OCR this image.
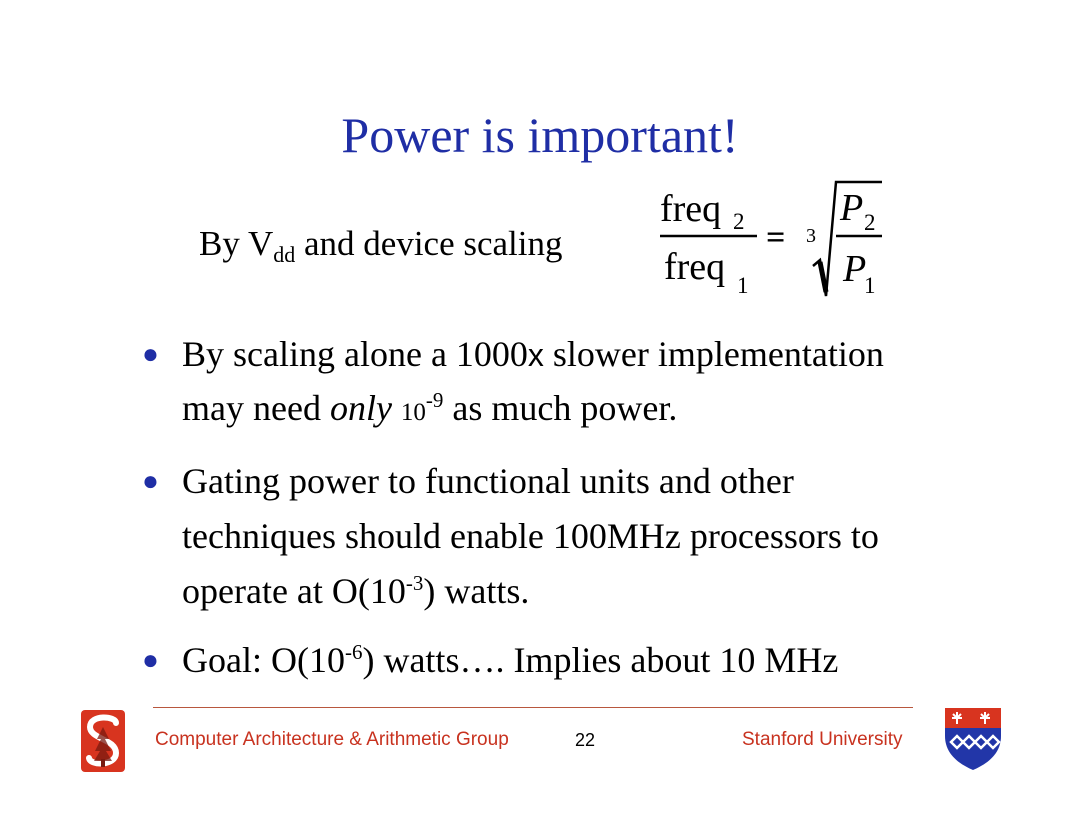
Power is important!
By $V_{dd}$ and device scaling
freq 2
freq 1
= 3
P 2
P
1
● By scaling alone a 1000x slower implementation
may need only $10^{-9}$ as much power.
● Gating power to functional units and other
techniques should enable 100MHz processors to
operate at $O(10^{-3})$ watts.
● Goal: $O(10^{-6})$ watts…. Implies about 10 MHz
Computer Architecture & Arithmetic Group	22	Stanford University
